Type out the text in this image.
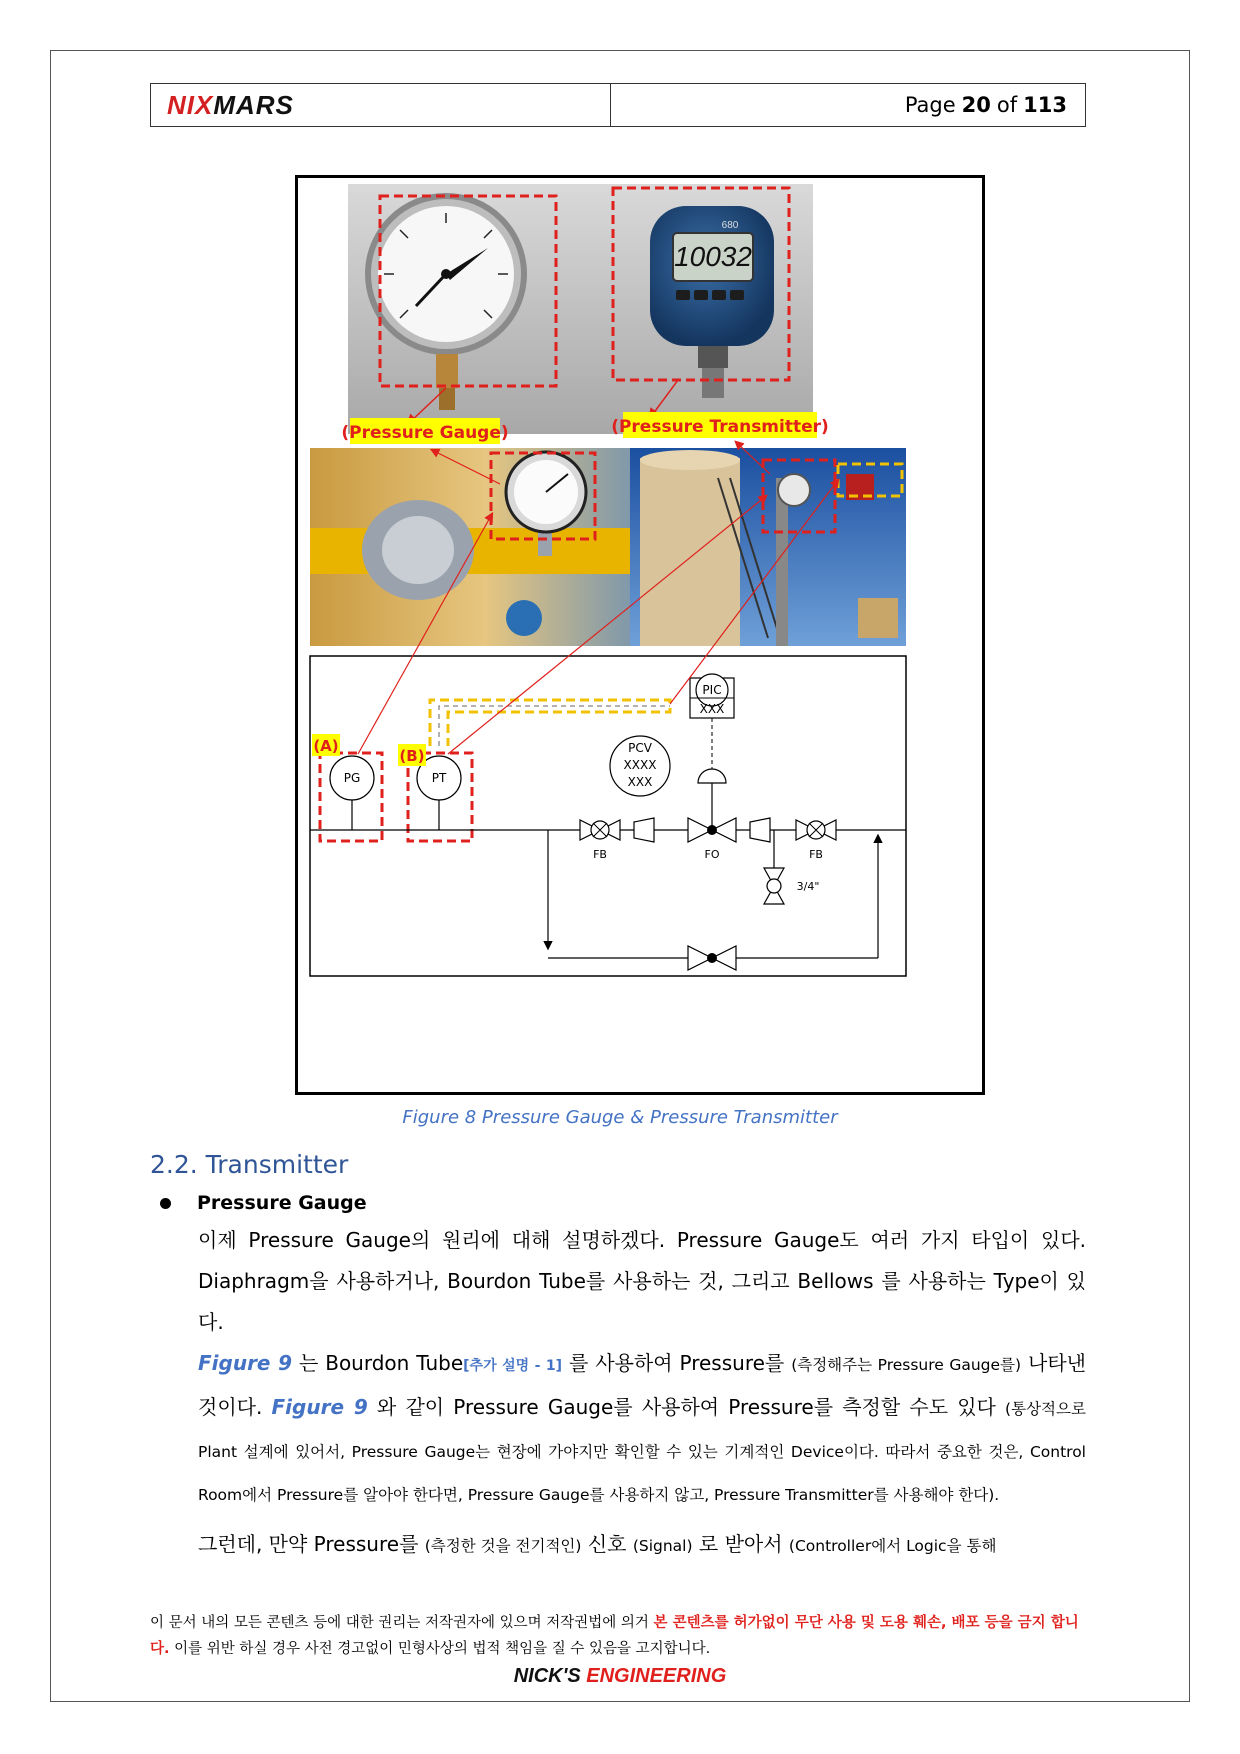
NIXMARS	Page 20 of 113
10032
680
(Pressure Gauge)	(Pressure Transmitter)
PIC
XXX
PCV
XXXX
XXX
PG	PT
(A)
(B)
FB	FO	FB
3/4"
Figure 8 Pressure Gauge & Pressure Transmitter
2.2. Transmitter
Pressure Gauge

이제 Pressure Gauge의 원리에 대해 설명하겠다. Pressure Gauge도 여러 가지 타입이 있다. Diaphragm을 사용하거나, Bourdon Tube를 사용하는 것, 그리고 Bellows 를 사용하는 Type이 있다.

Figure 9 는 Bourdon Tube[추가 설명 - 1] 를 사용하여 Pressure를 (측정해주는 Pressure Gauge를) 나타낸 것이다. Figure 9 와 같이 Pressure Gauge를 사용하여 Pressure를 측정할 수도 있다 (통상적으로 Plant 설계에 있어서, Pressure Gauge는 현장에 가야지만 확인할 수 있는 기계적인 Device이다. 따라서 중요한 것은, Control Room에서 Pressure를 알아야 한다면, Pressure Gauge를 사용하지 않고, Pressure Transmitter를 사용해야 한다).

그런데, 만약 Pressure를 (측정한 것을 전기적인) 신호 (Signal) 로 받아서 (Controller에서 Logic을 통해

이 문서 내의 모든 콘텐츠 등에 대한 권리는 저작권자에 있으며 저작권법에 의거 본 콘텐츠를 허가없이 무단 사용 및 도용 훼손, 배포 등을 금지 합니다. 이를 위반 하실 경우 사전 경고없이 민형사상의 법적 책임을 질 수 있음을 고지합니다.
NICK'S ENGINEERING
